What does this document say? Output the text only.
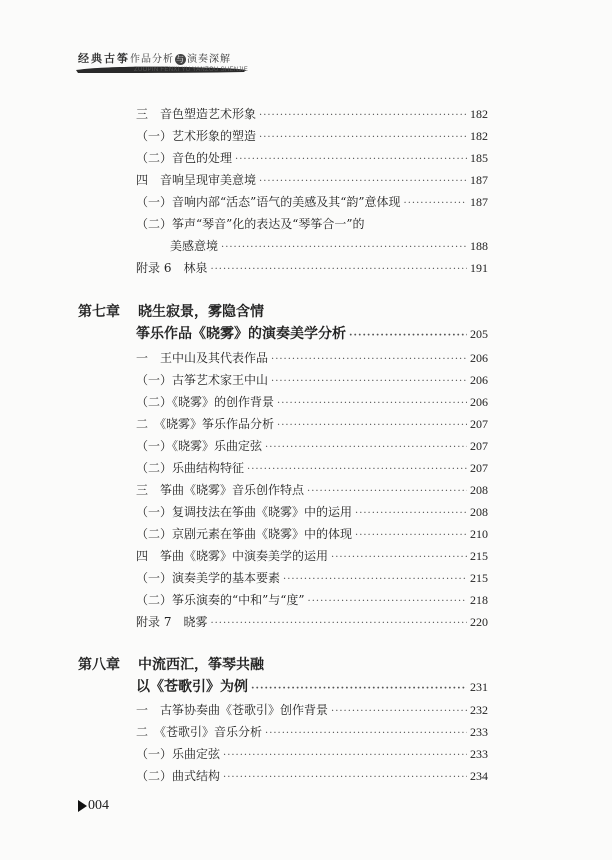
经典古筝作品分析 与 演奏深解
ZUOPIN FENXI YU YANZOU SHENJIE
三　音色塑造艺术形象 ·····	182
（一）艺术形象的塑造 ·····	182
（二）音色的处理 ·····	185
四　音响呈现审美意境 ·····	187
（一）音响内部“活态”语气的美感及其“韵”意体现 ·····	187
（二）筝声“琴音”化的表达及“琴筝合一”的
美感意境 ·····	188
附录 6　林泉 ·····	191
第七章 晓生寂景，雾隐含情
筝乐作品《晓雾》的演奏美学分析 ·····	205
一　王中山及其代表作品 ·····	206
（一）古筝艺术家王中山 ·····	206
（二）《晓雾》的创作背景 ·····	206
二　《晓雾》筝乐作品分析 ·····	207
（一）《晓雾》乐曲定弦 ·····	207
（二）乐曲结构特征 ·····	207
三　筝曲《晓雾》音乐创作特点 ·····	208
（一）复调技法在筝曲《晓雾》中的运用 ·····	208
（二）京剧元素在筝曲《晓雾》中的体现 ·····	210
四　筝曲《晓雾》中演奏美学的运用 ·····	215
（一）演奏美学的基本要素 ·····	215
（二）筝乐演奏的“中和”与“度” ·····	218
附录 7　晓雾 ·····	220
第八章 中流西汇，筝琴共融
以《苍歌引》为例 ·····	231
一　古筝协奏曲《苍歌引》创作背景 ·····	232
二　《苍歌引》音乐分析 ·····	233
（一）乐曲定弦 ·····	233
（二）曲式结构 ·····	234
004
